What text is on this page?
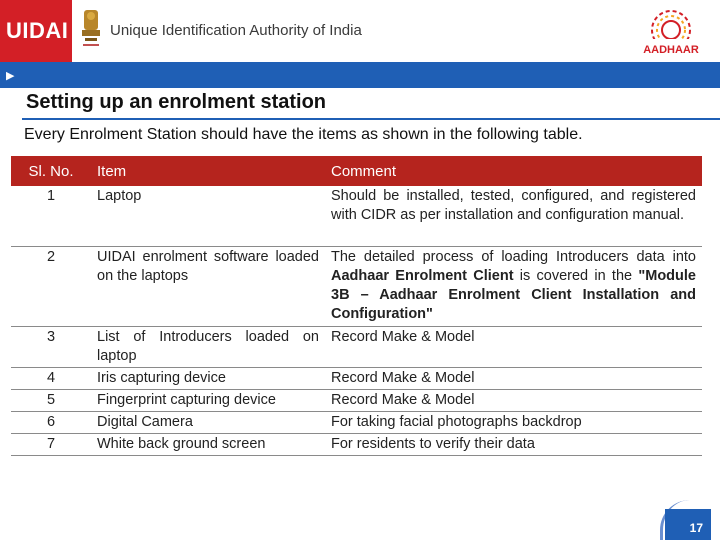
UIDAI	Unique Identification Authority of India
AADHAAR
▶
Setting up an enrolment station
Every Enrolment Station should have the items as shown in the following table.
Sl. No.	Item	Comment
1	Laptop	Should be installed, tested, configured, and registered with CIDR as per installation and configuration manual.
2	UIDAI enrolment software loaded on the laptops	The detailed process of loading Introducers data into Aadhaar Enrolment Client is covered in the "Module 3B – Aadhaar Enrolment Client Installation and Configuration"
3	List of Introducers loaded on laptop	Record Make & Model
4	Iris capturing device	Record Make & Model
5	Fingerprint capturing device	Record Make & Model
6	Digital Camera	For taking facial photographs backdrop
7	White back ground screen	For residents to verify their data
17
